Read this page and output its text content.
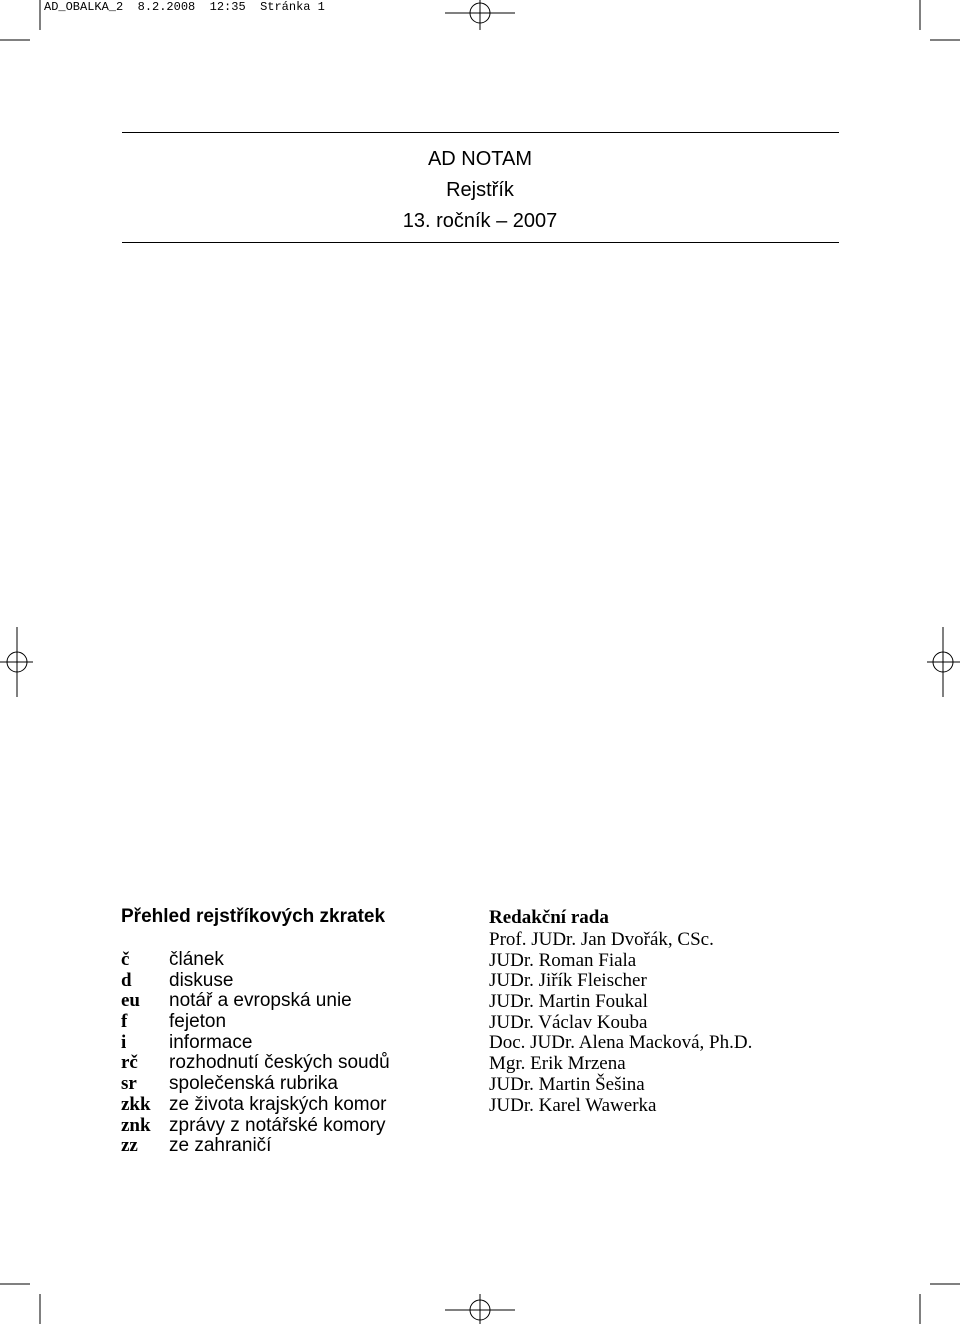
AD_OBALKA_2 8.2.2008 12:35 Stránka 1
AD NOTAM
Rejstřík
13. ročník – 2007
Přehled rejstříkových zkratek
č článek
d diskuse
eu notář a evropská unie
f fejeton
i informace
rč rozhodnutí českých soudů
sr společenská rubrika
zkk ze života krajských komor
znk zprávy z notářské komory
zz ze zahraničí
Redakční rada
Prof. JUDr. Jan Dvořák, CSc.
JUDr. Roman Fiala
JUDr. Jiřík Fleischer
JUDr. Martin Foukal
JUDr. Václav Kouba
Doc. JUDr. Alena Macková, Ph.D.
Mgr. Erik Mrzena
JUDr. Martin Šešina
JUDr. Karel Wawerka
